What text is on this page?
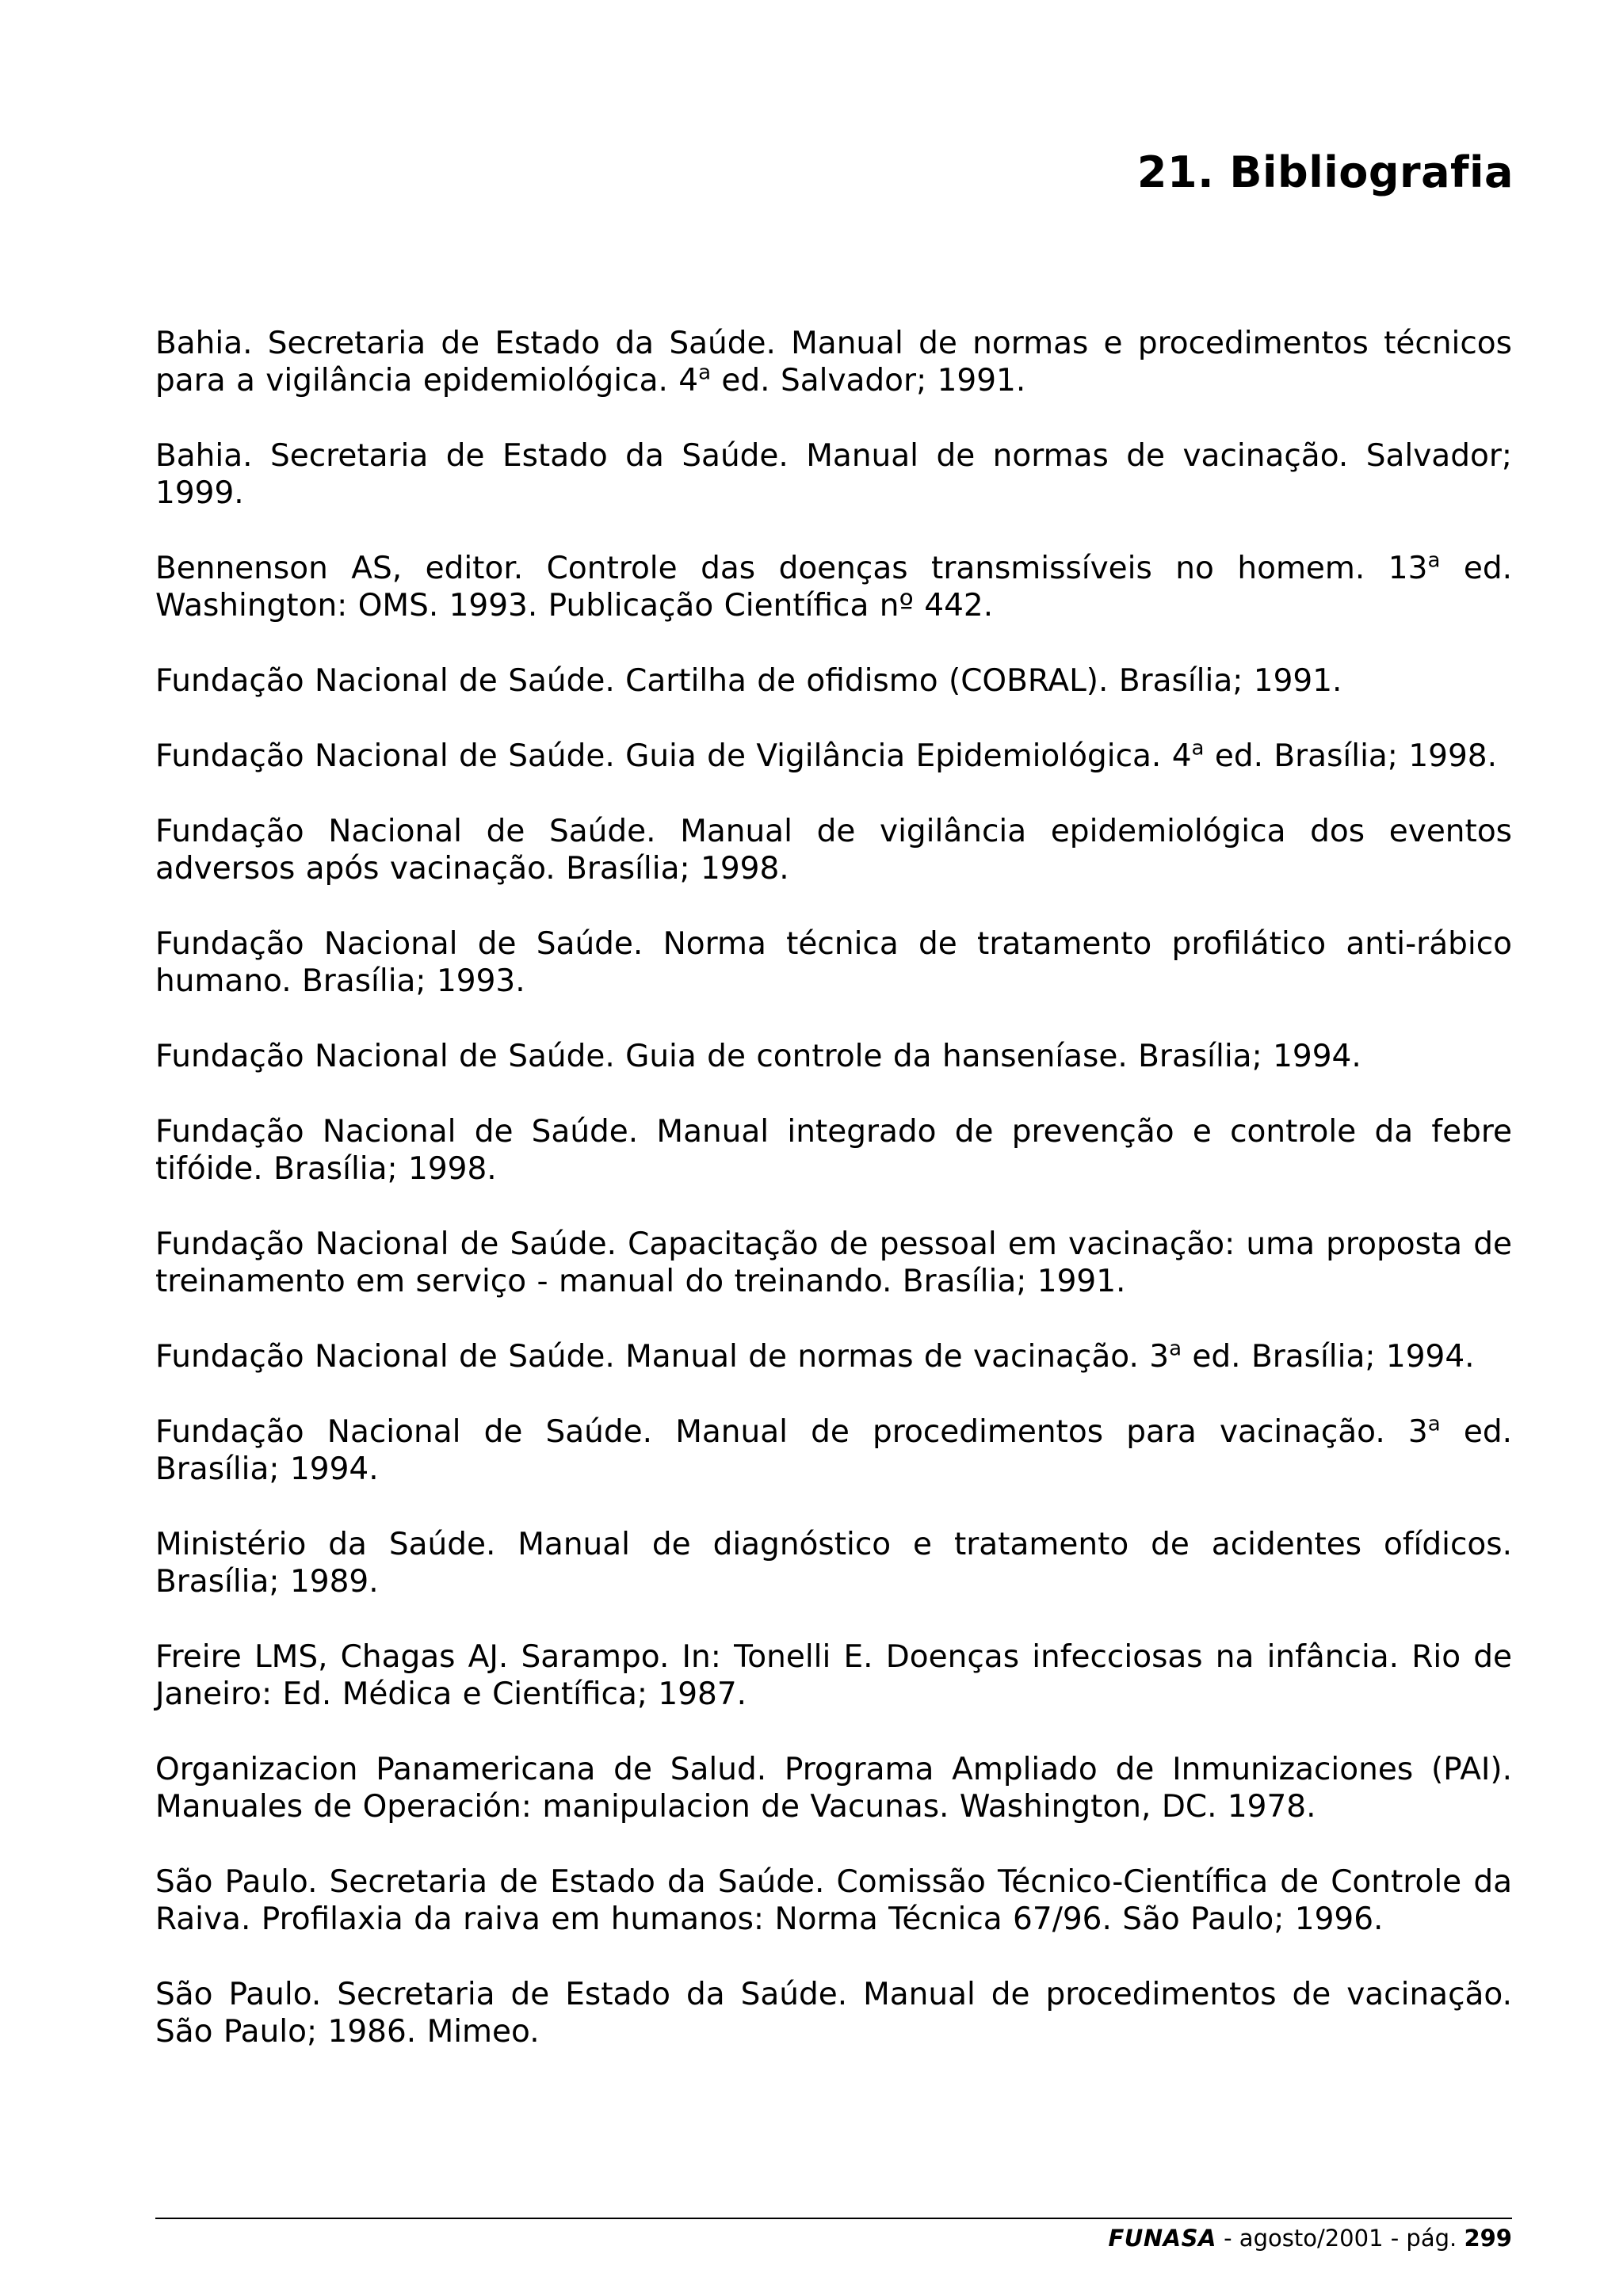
21. Bibliografia
Bahia. Secretaria de Estado da Saúde. Manual de normas e procedimentos técnicos para a vigilância epidemiológica. 4$^a$ ed. Salvador; 1991.
Bahia. Secretaria de Estado da Saúde. Manual de normas de vacinação. Salvador; 1999.
Bennenson AS, editor. Controle das doenças transmissíveis no homem. 13$^a$ ed. Washington: OMS. 1993. Publicação Científica nº 442.
Fundação Nacional de Saúde. Cartilha de ofidismo (COBRAL). Brasília; 1991.
Fundação Nacional de Saúde. Guia de Vigilância Epidemiológica. 4$^a$ ed. Brasília; 1998.
Fundação Nacional de Saúde. Manual de vigilância epidemiológica dos eventos adversos após vacinação. Brasília; 1998.
Fundação Nacional de Saúde. Norma técnica de tratamento profilático anti-rábico humano. Brasília; 1993.
Fundação Nacional de Saúde. Guia de controle da hanseníase. Brasília; 1994.
Fundação Nacional de Saúde. Manual integrado de prevenção e controle da febre tifóide. Brasília; 1998.
Fundação Nacional de Saúde. Capacitação de pessoal em vacinação: uma proposta de treinamento em serviço - manual do treinando. Brasília; 1991.
Fundação Nacional de Saúde. Manual de normas de vacinação. 3$^a$ ed. Brasília; 1994.
Fundação Nacional de Saúde. Manual de procedimentos para vacinação. 3$^a$ ed. Brasília; 1994.
Ministério da Saúde. Manual de diagnóstico e tratamento de acidentes ofídicos. Brasília; 1989.
Freire LMS, Chagas AJ. Sarampo. In: Tonelli E. Doenças infecciosas na infância. Rio de Janeiro: Ed. Médica e Científica; 1987.
Organizacion Panamericana de Salud. Programa Ampliado de Inmunizaciones (PAI). Manuales de Operación: manipulacion de Vacunas. Washington, DC. 1978.
São Paulo. Secretaria de Estado da Saúde. Comissão Técnico-Científica de Controle da Raiva. Profilaxia da raiva em humanos: Norma Técnica 67/96. São Paulo; 1996.
São Paulo. Secretaria de Estado da Saúde. Manual de procedimentos de vacinação. São Paulo; 1986. Mimeo.
FUNASA - agosto/2001 - pág. 299
